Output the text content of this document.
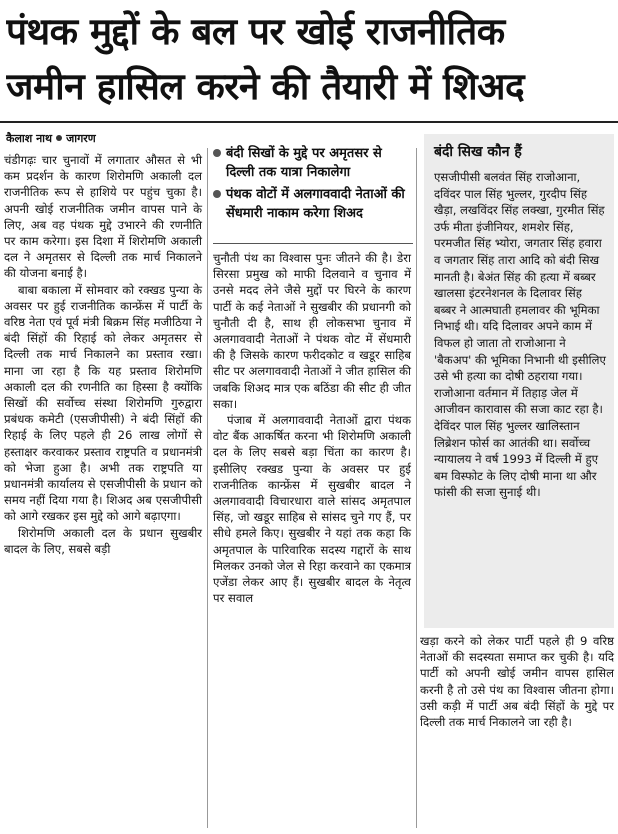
पंथक मुद्दों के बल पर खोई राजनीतिक
जमीन हासिल करने की तैयारी में शिअद
कैलाश नाथ जागरण

चंडीगढ़ः चार चुनावों में लगातार औसत से भी कम प्रदर्शन के कारण शिरोमणि अकाली दल राजनीतिक रूप से हाशिये पर पहुंच चुका है। अपनी खोई राजनीतिक जमीन वापस पाने के लिए, अब वह पंथक मुद्दे उभारने की रणनीति पर काम करेगा। इस दिशा में शिरोमणि अकाली दल ने अमृतसर से दिल्ली तक मार्च निकालने की योजना बनाई है।

बाबा बकाला में सोमवार को रक्खड पुन्या के अवसर पर हुई राजनीतिक कान्फ्रेंस में पार्टी के वरिष्ठ नेता एवं पूर्व मंत्री बिक्रम सिंह मजीठिया ने बंदी सिंहों की रिहाई को लेकर अमृतसर से दिल्ली तक मार्च निकालने का प्रस्ताव रखा। माना जा रहा है कि यह प्रस्ताव शिरोमणि अकाली दल की रणनीति का हिस्सा है क्योंकि सिखों की सर्वोच्च संस्था शिरोमणि गुरुद्वारा प्रबंधक कमेटी (एसजीपीसी) ने बंदी सिंहों की रिहाई के लिए पहले ही 26 लाख लोगों से हस्ताक्षर करवाकर प्रस्ताव राष्ट्रपति व प्रधानमंत्री को भेजा हुआ है। अभी तक राष्ट्रपति या प्रधानमंत्री कार्यालय से एसजीपीसी के प्रधान को समय नहीं दिया गया है। शिअद अब एसजीपीसी को आगे रखकर इस मुद्दे को आगे बढ़ाएगा।

शिरोमणि अकाली दल के प्रधान सुखबीर बादल के लिए, सबसे बड़ी

बंदी सिखों के मुद्दे पर अमृतसर से दिल्ली तक यात्रा निकालेगा
पंथक वोटों में अलगाववादी नेताओं की सेंधमारी नाकाम करेगा शिअद

चुनौती पंथ का विश्वास पुनः जीतने की है। डेरा सिरसा प्रमुख को माफी दिलवाने व चुनाव में उनसे मदद लेने जैसे मुद्दों पर घिरने के कारण पार्टी के कई नेताओं ने सुखबीर की प्रधानगी को चुनौती दी है, साथ ही लोकसभा चुनाव में अलगाववादी नेताओं ने पंथक वोट में सेंधमारी की है जिसके कारण फरीदकोट व खडूर साहिब सीट पर अलगाववादी नेताओं ने जीत हासिल की जबकि शिअद मात्र एक बठिंडा की सीट ही जीत सका।

पंजाब में अलगाववादी नेताओं द्वारा पंथक वोट बैंक आकर्षित करना भी शिरोमणि अकाली दल के लिए सबसे बड़ा चिंता का कारण है। इसीलिए रक्खड पुन्या के अवसर पर हुई राजनीतिक कान्फ्रेंस में सुखबीर बादल ने अलगाववादी विचारधारा वाले सांसद अमृतपाल सिंह, जो खडूर साहिब से सांसद चुने गए हैं, पर सीधे हमले किए। सुखबीर ने यहां तक कहा कि अमृतपाल के पारिवारिक सदस्य गद्दारों के साथ मिलकर उनको जेल से रिहा करवाने का एकमात्र एजेंडा लेकर आए हैं। सुखबीर बादल के नेतृत्व पर सवाल

बंदी सिख कौन हैं
एसजीपीसी बलवंत सिंह राजोआना, दविंदर पाल सिंह भुल्लर, गुरदीप सिंह खैड़ा, लखविंदर सिंह लक्खा, गुरमीत सिंह उर्फ मीता इंजीनियर, शमशेर सिंह, परमजीत सिंह भ्योरा, जगतार सिंह हवारा व जगतार सिंह तारा आदि को बंदी सिख मानती है। बेअंत सिंह की हत्या में बब्बर खालसा इंटरनेशनल के दिलावर सिंह बब्बर ने आत्मघाती हमलावर की भूमिका निभाई थी। यदि दिलावर अपने काम में विफल हो जाता तो राजोआना ने 'बैकअप' की भूमिका निभानी थी इसीलिए उसे भी हत्या का दोषी ठहराया गया। राजोआना वर्तमान में तिहाड़ जेल में आजीवन कारावास की सजा काट रहा है। देविंदर पाल सिंह भुल्लर खालिस्तान लिब्रेशन फोर्स का आतंकी था। सर्वोच्च न्यायालय ने वर्ष 1993 में दिल्ली में हुए बम विस्फोट के लिए दोषी माना था और फांसी की सजा सुनाई थी।

खड़ा करने को लेकर पार्टी पहले ही 9 वरिष्ठ नेताओं की सदस्यता समाप्त कर चुकी है। यदि पार्टी को अपनी खोई जमीन वापस हासिल करनी है तो उसे पंथ का विश्वास जीतना होगा। उसी कड़ी में पार्टी अब बंदी सिंहों के मुद्दे पर दिल्ली तक मार्च निकालने जा रही है।
